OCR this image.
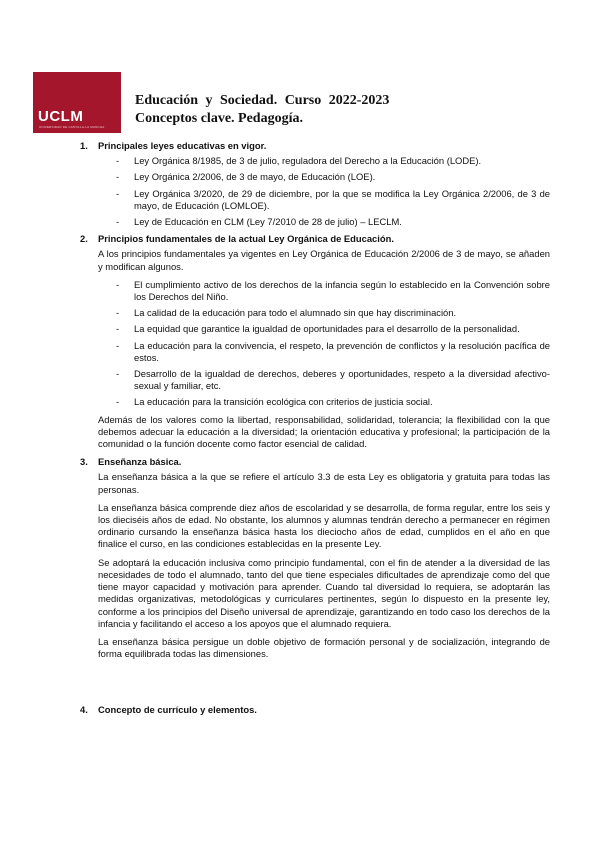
UCLM
UNIVERSIDAD DE CASTILLA-LA MANCHA
Educación y Sociedad. Curso 2022-2023
Conceptos clave. Pedagogía.
1. Principales leyes educativas en vigor.
- Ley Orgánica 8/1985, de 3 de julio, reguladora del Derecho a la Educación (LODE).
- Ley Orgánica 2/2006, de 3 de mayo, de Educación (LOE).
- Ley Orgánica 3/2020, de 29 de diciembre, por la que se modifica la Ley Orgánica 2/2006, de 3 de mayo, de Educación (LOMLOE).
- Ley de Educación en CLM (Ley 7/2010 de 28 de julio) – LECLM.
2. Principios fundamentales de la actual Ley Orgánica de Educación.

A los principios fundamentales ya vigentes en Ley Orgánica de Educación 2/2006 de 3 de mayo, se añaden y modifican algunos.

- El cumplimiento activo de los derechos de la infancia según lo establecido en la Convención sobre los Derechos del Niño.
- La calidad de la educación para todo el alumnado sin que hay discriminación.
- La equidad que garantice la igualdad de oportunidades para el desarrollo de la personalidad.
- La educación para la convivencia, el respeto, la prevención de conflictos y la resolución pacífica de estos.
- Desarrollo de la igualdad de derechos, deberes y oportunidades, respeto a la diversidad afectivo-sexual y familiar, etc.
- La educación para la transición ecológica con criterios de justicia social.

Además de los valores como la libertad, responsabilidad, solidaridad, tolerancia; la flexibilidad con la que debemos adecuar la educación a la diversidad; la orientación educativa y profesional; la participación de la comunidad o la función docente como factor esencial de calidad.

3. Enseñanza básica.

La enseñanza básica a la que se refiere el artículo 3.3 de esta Ley es obligatoria y gratuita para todas las personas.

La enseñanza básica comprende diez años de escolaridad y se desarrolla, de forma regular, entre los seis y los dieciséis años de edad. No obstante, los alumnos y alumnas tendrán derecho a permanecer en régimen ordinario cursando la enseñanza básica hasta los dieciocho años de edad, cumplidos en el año en que finalice el curso, en las condiciones establecidas en la presente Ley.

Se adoptará la educación inclusiva como principio fundamental, con el fin de atender a la diversidad de las necesidades de todo el alumnado, tanto del que tiene especiales dificultades de aprendizaje como del que tiene mayor capacidad y motivación para aprender. Cuando tal diversidad lo requiera, se adoptarán las medidas organizativas, metodológicas y curriculares pertinentes, según lo dispuesto en la presente ley, conforme a los principios del Diseño universal de aprendizaje, garantizando en todo caso los derechos de la infancia y facilitando el acceso a los apoyos que el alumnado requiera.

La enseñanza básica persigue un doble objetivo de formación personal y de socialización, integrando de forma equilibrada todas las dimensiones.

4. Concepto de currículo y elementos.
